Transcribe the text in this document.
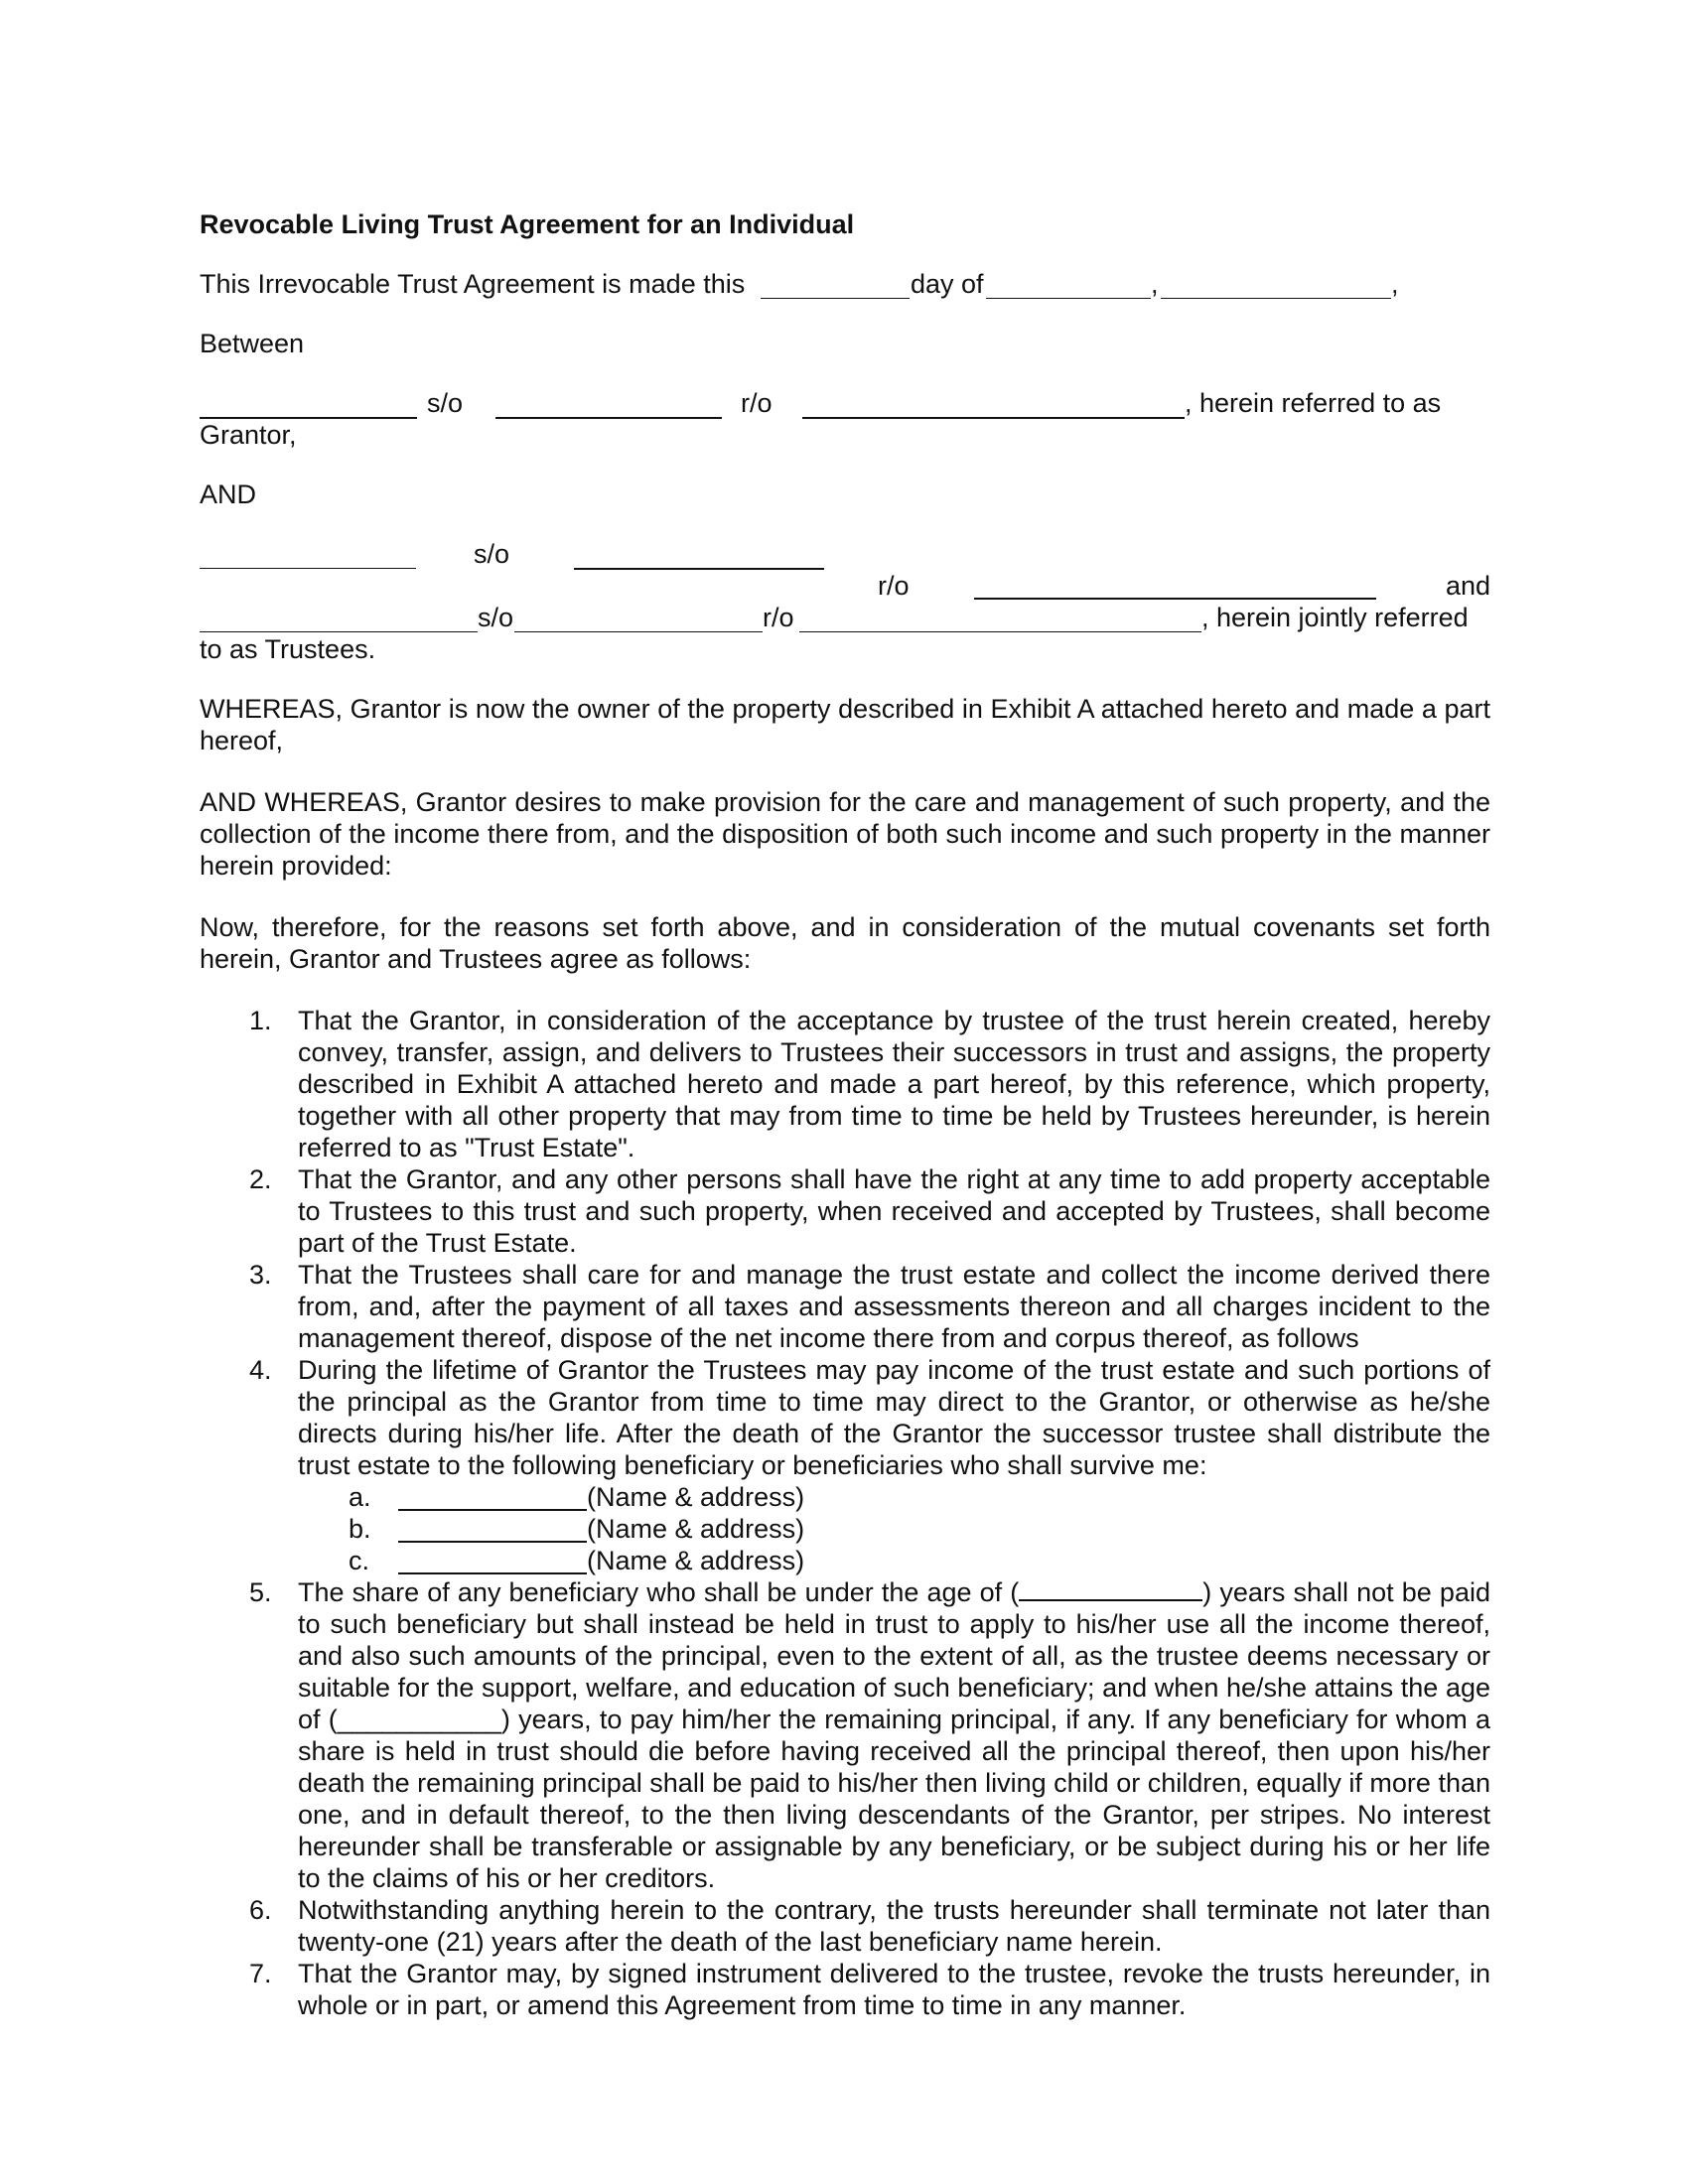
Revocable Living Trust Agreement for an Individual

This Irrevocable Trust Agreement is made this	day of	,	,

Between

s/o	r/o	, herein referred to as

Grantor,

AND

s/o
r/o	and
s/o	r/o	, herein jointly referred

to as Trustees.

WHEREAS, Grantor is now the owner of the property described in Exhibit A attached hereto and made a part hereof,

AND WHEREAS, Grantor desires to make provision for the care and management of such property, and the collection of the income there from, and the disposition of both such income and such property in the manner herein provided:

Now, therefore, for the reasons set forth above, and in consideration of the mutual covenants set forth herein, Grantor and Trustees agree as follows:

1. That the Grantor, in consideration of the acceptance by trustee of the trust herein created, hereby convey, transfer, assign, and delivers to Trustees their successors in trust and assigns, the property described in Exhibit A attached hereto and made a part hereof, by this reference, which property, together with all other property that may from time to time be held by Trustees hereunder, is herein referred to as "Trust Estate".
2. That the Grantor, and any other persons shall have the right at any time to add property acceptable to Trustees to this trust and such property, when received and accepted by Trustees, shall become part of the Trust Estate.
3. That the Trustees shall care for and manage the trust estate and collect the income derived there from, and, after the payment of all taxes and assessments thereon and all charges incident to the management thereof, dispose of the net income there from and corpus thereof, as follows
4. During the lifetime of Grantor the Trustees may pay income of the trust estate and such portions of the principal as the Grantor from time to time may direct to the Grantor, or otherwise as he/she directs during his/her life. After the death of the Grantor the successor trustee shall distribute the trust estate to the following beneficiary or beneficiaries who shall survive me:
a.	(Name & address)
b.	(Name & address)
c.	(Name & address)
5. The share of any beneficiary who shall be under the age of (	) years shall not be paid to such beneficiary but shall instead be held in trust to apply to his/her use all the income thereof, and also such amounts of the principal, even to the extent of all, as the trustee deems necessary or suitable for the support, welfare, and education of such beneficiary; and when he/she attains the age of (___________) years, to pay him/her the remaining principal, if any. If any beneficiary for whom a share is held in trust should die before having received all the principal thereof, then upon his/her death the remaining principal shall be paid to his/her then living child or children, equally if more than one, and in default thereof, to the then living descendants of the Grantor, per stripes. No interest hereunder shall be transferable or assignable by any beneficiary, or be subject during his or her life to the claims of his or her creditors.
6. Notwithstanding anything herein to the contrary, the trusts hereunder shall terminate not later than twenty-one (21) years after the death of the last beneficiary name herein.
7. That the Grantor may, by signed instrument delivered to the trustee, revoke the trusts hereunder, in whole or in part, or amend this Agreement from time to time in any manner.
